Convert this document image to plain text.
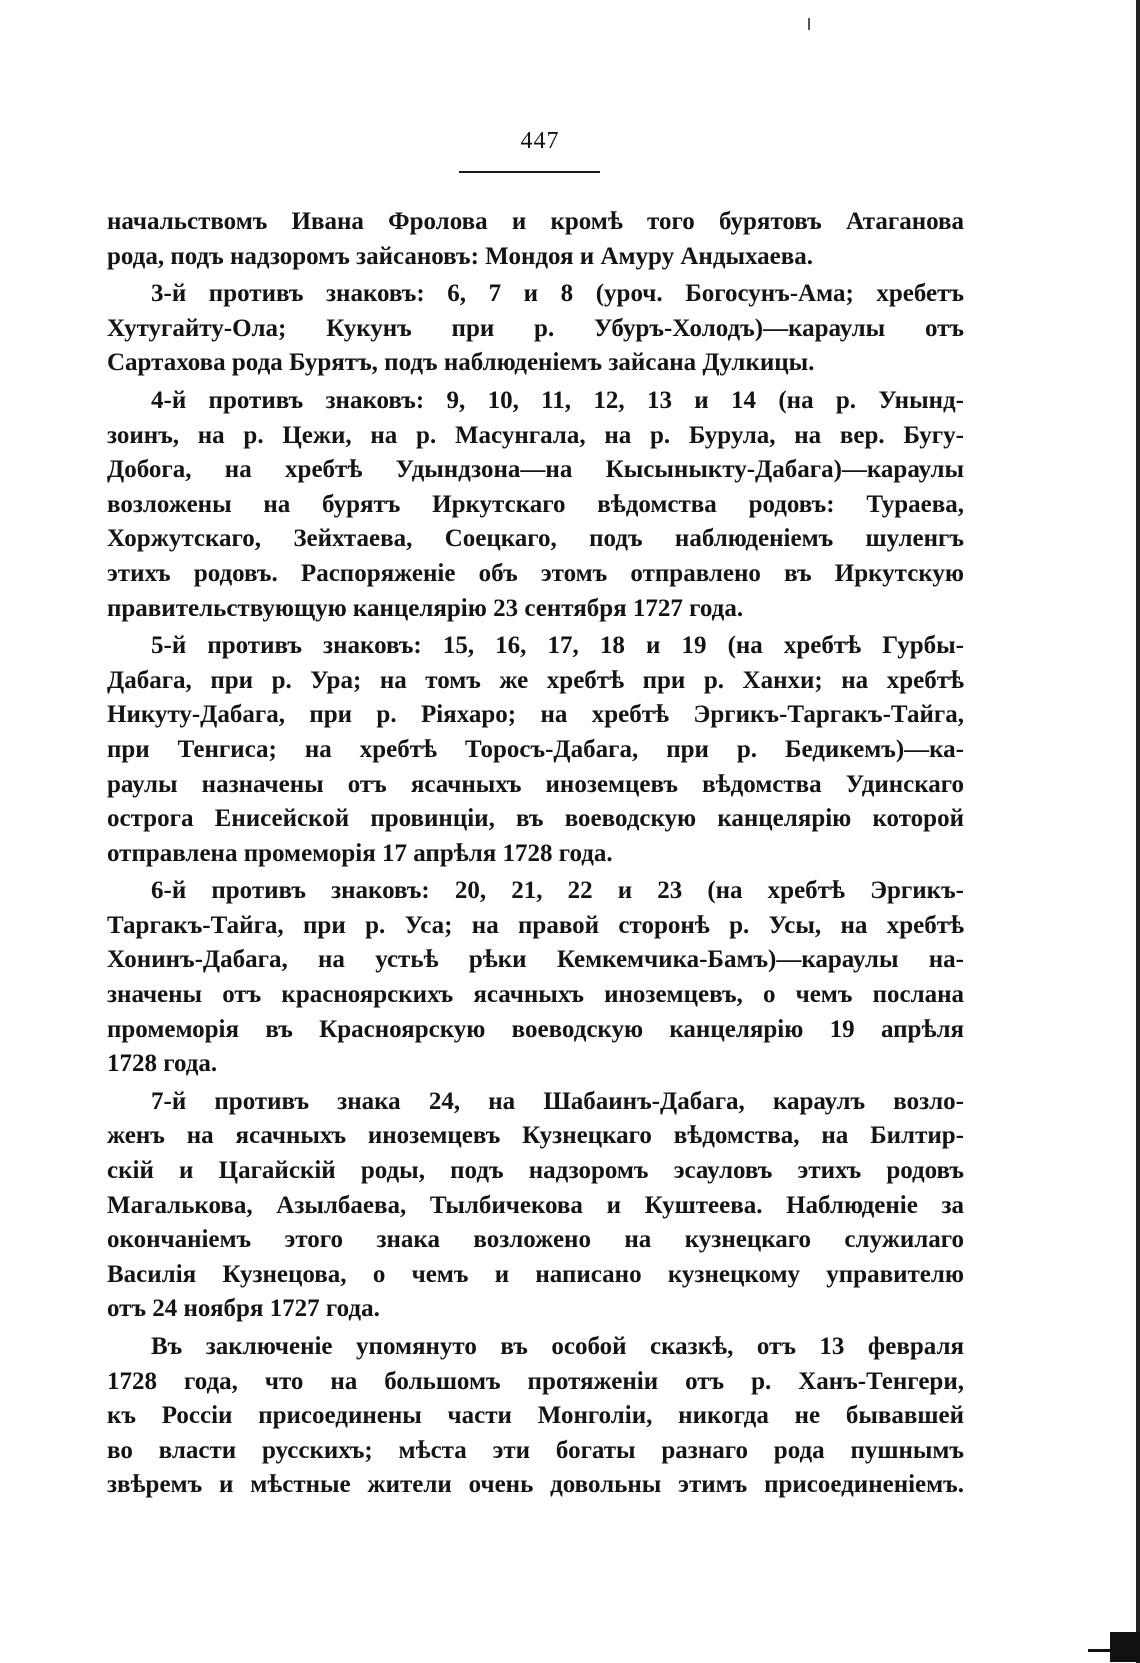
447
начальствомъ Ивана Фролова и кромѣ того бурятовъ Атаганова
рода, подъ надзоромъ зайсановъ: Мондоя и Амуру Андыхаева.
3-й противъ знаковъ: 6, 7 и 8 (уроч. Богосунъ-Ама; хребетъ
Хутугайту-Ола; Кукунъ при р. Убуръ-Холодъ)—караулы отъ
Сартахова рода Бурятъ, подъ наблюденіемъ зайсана Дулкицы.
4-й противъ знаковъ: 9, 10, 11, 12, 13 и 14 (на р. Унынд-
зоинъ, на р. Цежи, на р. Масунгала, на р. Бурула, на вер. Бугу-
Добога, на хребтѣ Удындзона—на Кысыныкту-Дабага)—караулы
возложены на бурятъ Иркутскаго вѣдомства родовъ: Тураева,
Хоржутскаго, Зейхтаева, Соецкаго, подъ наблюденіемъ шуленгъ
этихъ родовъ. Распоряженіе объ этомъ отправлено въ Иркутскую
правительствующую канцелярію 23 сентября 1727 года.
5-й противъ знаковъ: 15, 16, 17, 18 и 19 (на хребтѣ Гурбы-
Дабага, при р. Ура; на томъ же хребтѣ при р. Ханхи; на хребтѣ
Никуту-Дабага, при р. Ріяхаро; на хребтѣ Эргикъ-Таргакъ-Тайга,
при Тенгиса; на хребтѣ Торосъ-Дабага, при р. Бедикемъ)—ка-
раулы назначены отъ ясачныхъ иноземцевъ вѣдомства Удинскаго
острога Енисейской провинціи, въ воеводскую канцелярію которой
отправлена промеморія 17 апрѣля 1728 года.
6-й противъ знаковъ: 20, 21, 22 и 23 (на хребтѣ Эргикъ-
Таргакъ-Тайга, при р. Уса; на правой сторонѣ р. Усы, на хребтѣ
Хонинъ-Дабага, на устьѣ рѣки Кемкемчика-Бамъ)—караулы на-
значены отъ красноярскихъ ясачныхъ иноземцевъ, о чемъ послана
промеморія въ Красноярскую воеводскую канцелярію 19 апрѣля
1728 года.
7-й противъ знака 24, на Шабаинъ-Дабага, караулъ возло-
женъ на ясачныхъ иноземцевъ Кузнецкаго вѣдомства, на Билтир-
скій и Цагайскій роды, подъ надзоромъ эсауловъ этихъ родовъ
Магалькова, Азылбаева, Тылбичекова и Куштеева. Наблюденіе за
окончаніемъ этого знака возложено на кузнецкаго служилаго
Василія Кузнецова, о чемъ и написано кузнецкому управителю
отъ 24 ноября 1727 года.
Въ заключеніе упомянуто въ особой сказкѣ, отъ 13 февраля
1728 года, что на большомъ протяженіи отъ р. Ханъ-Тенгери,
къ Россіи присоединены части Монголіи, никогда не бывавшей
во власти русскихъ; мѣста эти богаты разнаго рода пушнымъ
звѣремъ и мѣстные жители очень довольны этимъ присоединеніемъ.
